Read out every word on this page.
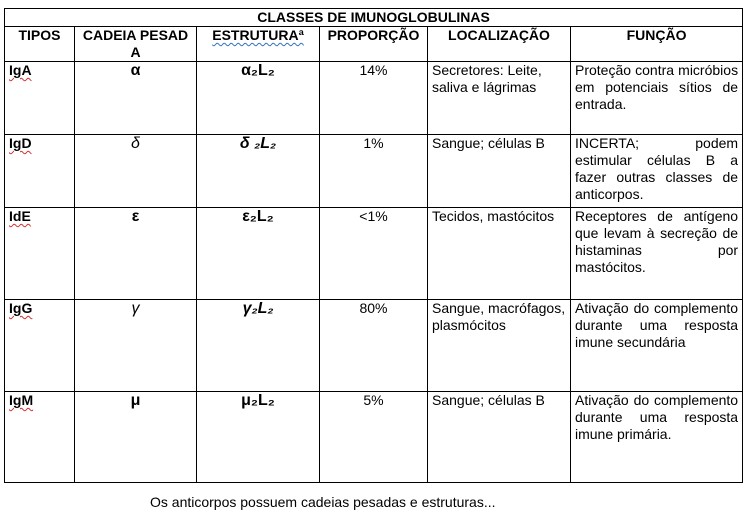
CLASSES DE IMUNOGLOBULINAS					
TIPOS	CADEIA PESADA	ESTRUTURAª	PROPORÇÃO	LOCALIZAÇÃO	FUNÇÃO
IgA	α	α₂L₂	14%	Secretores: Leite, saliva e lágrimas	Proteção contra micróbios em potenciais sítios de entrada.
IgD	δ	δ ₂L₂	1%	Sangue; células B	INCERTA; podem estimular células B a fazer outras classes de anticorpos.
IdE	ε	ε₂L₂	<1%	Tecidos, mastócitos	Receptores de antígeno que levam à secreção de histaminas por mastócitos.
IgG	γ	γ₂L₂	80%	Sangue, macrófagos, plasmócitos	Ativação do complemento durante uma resposta imune secundária
IgM	μ	μ₂L₂	5%	Sangue; células B	Ativação do complemento durante uma resposta imune primária.
Os anticorpos possuem cadeias pesadas e estruturas...
